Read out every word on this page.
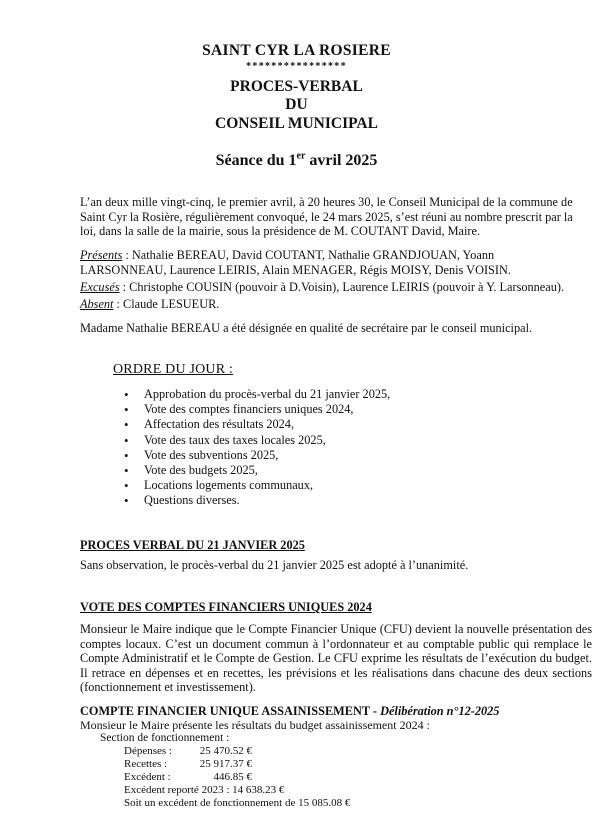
SAINT CYR LA ROSIERE
****************
PROCES-VERBAL
DU
CONSEIL MUNICIPAL
Séance du 1er avril 2025
L’an deux mille vingt-cinq, le premier avril, à 20 heures 30, le Conseil Municipal de la commune de Saint Cyr la Rosière, régulièrement convoqué, le 24 mars 2025, s’est réuni au nombre prescrit par la loi, dans la salle de la mairie, sous la présidence de M. COUTANT David, Maire.
Présents : Nathalie BEREAU, David COUTANT, Nathalie GRANDJOUAN, Yoann
LARSONNEAU, Laurence LEIRIS, Alain MENAGER, Régis MOISY, Denis VOISIN.
Excusés : Christophe COUSIN (pouvoir à D.Voisin), Laurence LEIRIS (pouvoir à Y. Larsonneau).
Absent : Claude LESUEUR.
Madame Nathalie BEREAU a été désignée en qualité de secrétaire par le conseil municipal.
ORDRE DU JOUR :
• Approbation du procès-verbal du 21 janvier 2025,
• Vote des comptes financiers uniques 2024,
• Affectation des résultats 2024,
• Vote des taux des taxes locales 2025,
• Vote des subventions 2025,
• Vote des budgets 2025,
• Locations logements communaux,
• Questions diverses.
PROCES VERBAL DU 21 JANVIER 2025
Sans observation, le procès-verbal du 21 janvier 2025 est adopté à l’unanimité.
VOTE DES COMPTES FINANCIERS UNIQUES 2024
Monsieur le Maire indique que le Compte Financier Unique (CFU) devient la nouvelle présentation des comptes locaux. C’est un document commun à l’ordonnateur et au comptable public qui remplace le Compte Administratif et le Compte de Gestion. Le CFU exprime les résultats de l’exécution du budget. Il retrace en dépenses et en recettes, les prévisions et les réalisations dans chacune des deux sections (fonctionnement et investissement).
COMPTE FINANCIER UNIQUE ASSAINISSEMENT - Délibération n°12-2025
Monsieur le Maire présente les résultats du budget assainissement 2024 :
Section de fonctionnement :
Dépenses :	25 470.52 €
Recettes :	25 917.37 €
Excédent :	446.85 €
Excédent reporté 2023 : 14 638.23 €
Soit un excédent de fonctionnement de 15 085.08 €
